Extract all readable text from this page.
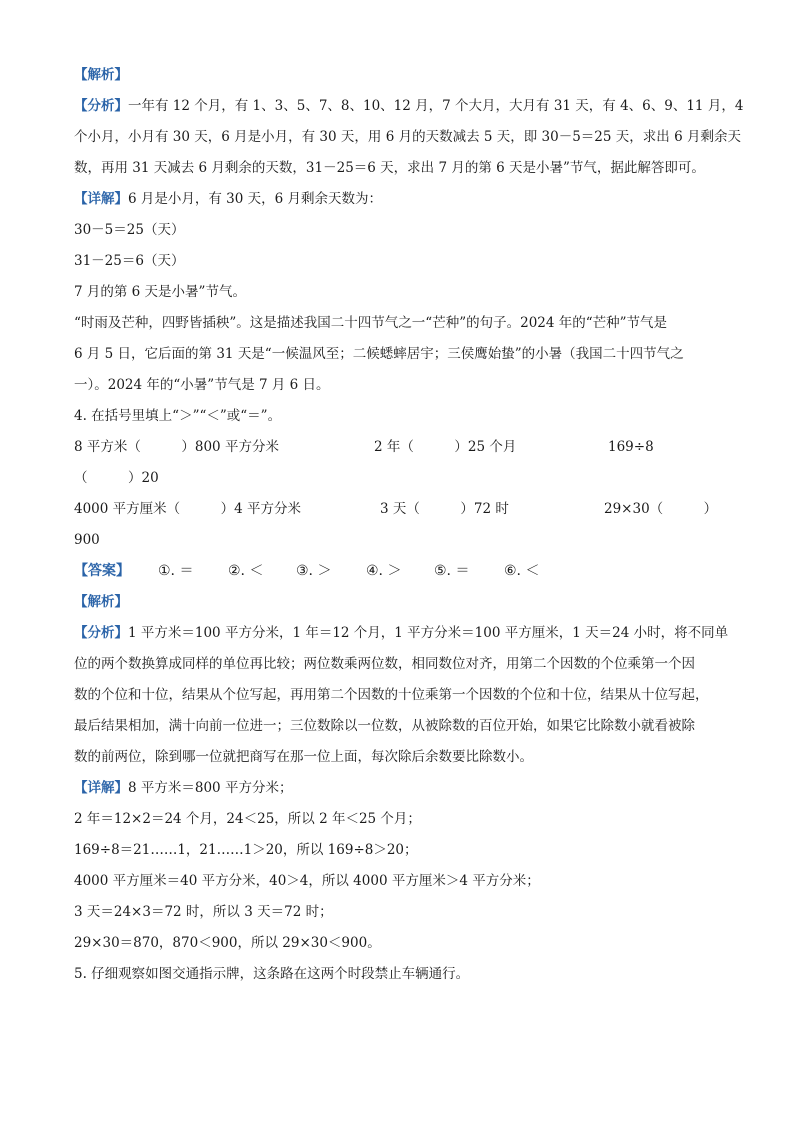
【解析】
【分析】一年有 12 个月，有 1、3、5、7、8、10、12 月，7 个大月，大月有 31 天，有 4、6、9、11 月，4
个小月，小月有 30 天，6 月是小月，有 30 天，用 6 月的天数减去 5 天，即 30－5＝25 天，求出 6 月剩余天
数，再用 31 天减去 6 月剩余的天数，31－25＝6 天，求出 7 月的第 6 天是小暑”节气，据此解答即可。
【详解】6 月是小月，有 30 天，6 月剩余天数为：
30－5＝25（天）
31－25＝6（天）
7 月的第 6 天是小暑”节气。
“时雨及芒种，四野皆插秧”。这是描述我国二十四节气之一“芒种”的句子。2024 年的“芒种”节气是
6 月 5 日，它后面的第 31 天是“一候温风至；二候蟋蟀居宇；三侯鹰始蛰”的小暑（我国二十四节气之
一）。2024 年的“小暑”节气是 7 月 6 日。
4. 在括号里填上“＞”“＜”或“＝”。
8 平方米（　　　）800 平方分米	2 年（　　　）25 个月	169÷8
（　　　）20
4000 平方厘米（　　　）4 平方分米	3 天（　　　）72 时	29×30（　　　）
900
【答案】 ①. ＝ ②. ＜ ③. ＞ ④. ＞ ⑤. ＝ ⑥. ＜
【解析】
【分析】1 平方米＝100 平方分米，1 年＝12 个月，1 平方分米＝100 平方厘米，1 天＝24 小时，将不同单
位的两个数换算成同样的单位再比较；两位数乘两位数，相同数位对齐，用第二个因数的个位乘第一个因
数的个位和十位，结果从个位写起，再用第二个因数的十位乘第一个因数的个位和十位，结果从十位写起，
最后结果相加，满十向前一位进一；三位数除以一位数，从被除数的百位开始，如果它比除数小就看被除
数的前两位，除到哪一位就把商写在那一位上面，每次除后余数要比除数小。
【详解】8 平方米＝800 平方分米；
2 年＝12×2＝24 个月，24＜25，所以 2 年＜25 个月；
169÷8＝21……1，21……1＞20，所以 169÷8＞20；
4000 平方厘米＝40 平方分米，40＞4，所以 4000 平方厘米＞4 平方分米；
3 天＝24×3＝72 时，所以 3 天＝72 时；
29×30＝870，870＜900，所以 29×30＜900。
5. 仔细观察如图交通指示牌，这条路在这两个时段禁止车辆通行。
